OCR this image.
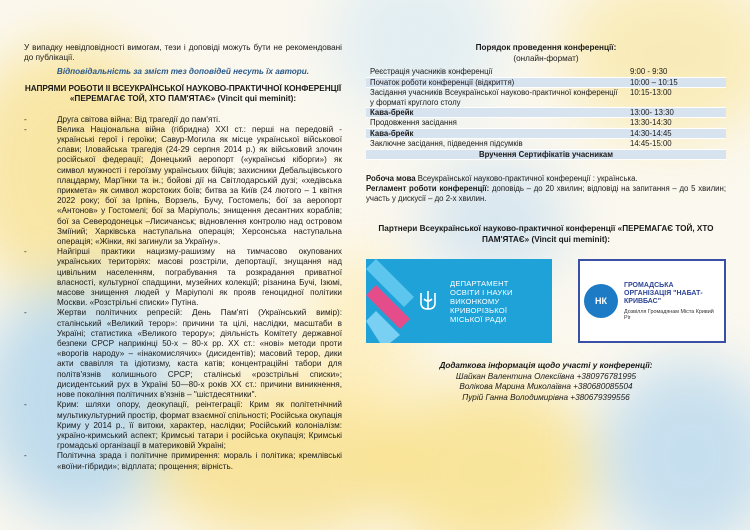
У випадку невідповідності вимогам, тези і доповіді можуть бути не рекомендовані до публікації.

Відповідальність за зміст тез доповідей несуть їх автори.

НАПРЯМИ РОБОТИ ІІ ВСЕУКРАЇНСЬКОЇ НАУКОВО-ПРАКТИЧНОЇ КОНФЕРЕНЦІЇ «ПЕРЕМАГАЄ ТОЙ, ХТО ПАМ'ЯТАЄ» (Vincit qui meminit):

- Друга світова війна: Від трагедії до пам'яті.
- Велика Національна війна (гібридна) XXI ст.: перші на передовій - українські герої і героїки; Савур-Могила як місце української військової слави; Іловайська трагедія (24-29 серпня 2014 р.) як військовий злочин російської федерації; Донецький аеропорт («українські кіборги») як символ мужності і героїзму українських бійців; захисники Дебальцівського плацдарму, Мар'їнки та ін.; бойові дії на Світлодарській дузі; «хедівська прикмета» як символ жорстоких боїв; битва за Київ (24 лютого – 1 квітня 2022 року; бої за Ірпінь, Ворзель, Бучу, Гостомель; бої за аеропорт «Антонов» у Гостомелі; бої за Маріуполь; знищення десантних кораблів; бої за Северодонецьк –Лисичанськ; відновлення контролю над островом Зміїний; Харківська наступальна операція; Херсонська наступальна операція; «Жінки, які загинули за Україну».
- Найгірші практики нацизму-рашизму на тимчасово окупованих українських територіях: масові розстріли, депортації, знущання над цивільним населенням, пограбування та розкрадання приватної власності, культурної спадщини, музейних колекцій; різанина Бучі, Ізюмі, масове знищення людей у Маріуполі як прояв геноцидної політики Москви. «Розстрільні списки» Путіна.
- Жертви політичних репресій: День Пам'яті (Український вимір): сталінський «Великий терор»: причини та цілі, наслідки, масштаби в Україні; статистика «Великого терору»; діяльність Комітету державної безпеки СРСР наприкінці 50-х – 80-х рр. ХХ ст.: «нові» методи проти «ворогів народу» – «інакомислячих» (дисидентів); масовий терор, дики акти свавілля та ідіотизму, каста катів; концентраційні табори для політв'язнів колишнього СРСР; сталінські «розстрільні списки»; дисидентський рух в Україні 50—80-х років ХХ ст.: причини виникнення, нове покоління політичних в'язнів – "шістдесятники".
- Крим: шляхи опору, деокупації, реінтеграції: Крим як політетнічний мультикультурний простір, формат взаємної спільності; Російська окупація Криму у 2014 р., її витоки, характер, наслідки; Російський колоніалізм: україно-кримський аспект; Кримські татари і російська окупація; Кримські громадські організації в материковій Україні;
- Політична зрада і політичне примирення: мораль і політика; кремлівські «воїни-гібриди»; відплата; прощення; вірність.

Порядок проведення конференції:

(онлайн-формат)

Реєстрація учасників конференції	9:00 - 9:30
Початок роботи конференції (відкриття)	10:00 – 10:15
Засідання учасників Всеукраїнської науково-практичної конференції у форматі круглого столу	10:15-13:00
Кава-брейк	13:00- 13:30
Продовження засідання	13:30-14:30
Кава-брейк	14:30-14:45
Заключне засідання, підведення підсумків	14:45-15:00
Вручення Сертифікатів учасникам	

Робоча мова Всеукраїнської науково-практичної конференції : українська.

Регламент роботи конференції: доповідь – до 20 хвилин; відповіді на запитання – до 5 хвилин; участь у дискусії – до 2-х хвилин.

Партнери Всеукраїнської науково-практичної конференції «ПЕРЕМАГАЄ ТОЙ, ХТО ПАМ'ЯТАЄ» (Vincit qui meminit):

ДЕПАРТАМЕНТ
ОСВІТИ І НАУКИ
ВИКОНКОМУ
КРИВОРІЗЬКОЇ
МІСЬКОЇ РАДИ
НК
ГРОМАДСЬКА ОРГАНІЗАЦІЯ "НАБАТ-КРИВБАС"
Дозвілля Громадянам Міста Кривий Ріг

Додаткова інформація щодо участі у конференції:

Шайкан Валентина Олексіївна +380976781995

Волікова Марина Миколаївна +380680085504

Пурій Ганна Володимирівна +380679399556
